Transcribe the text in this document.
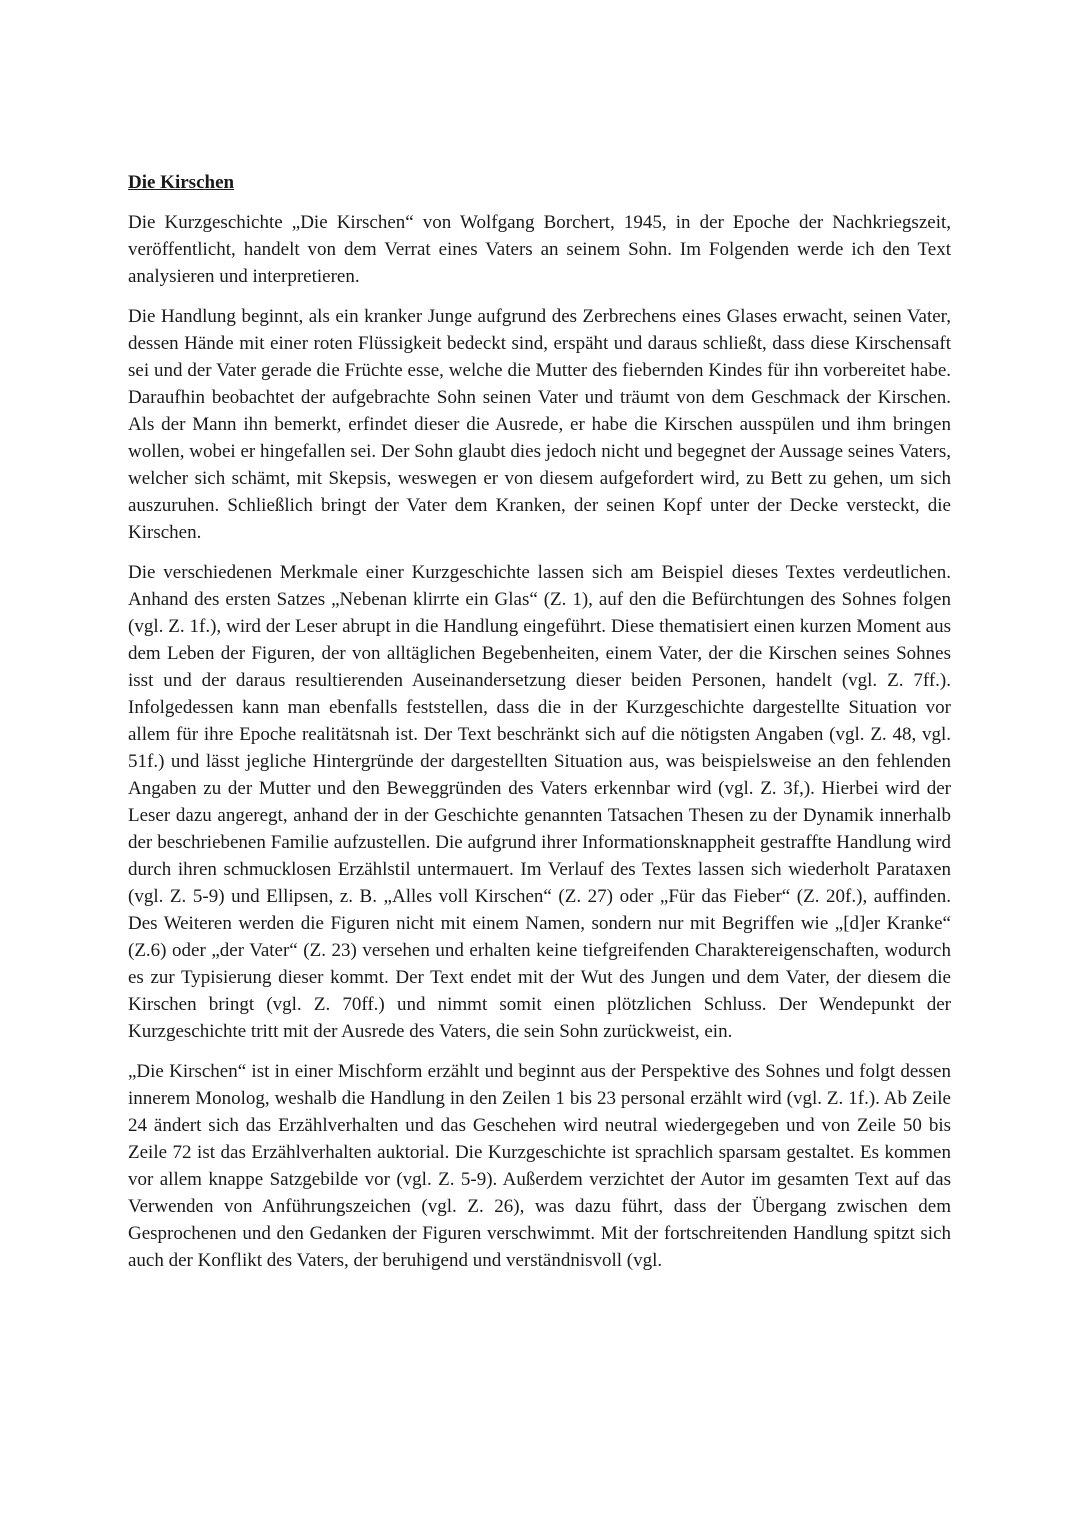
Die Kirschen

Die Kurzgeschichte „Die Kirschen“ von Wolfgang Borchert, 1945, in der Epoche der Nachkriegszeit, veröffentlicht, handelt von dem Verrat eines Vaters an seinem Sohn. Im Folgenden werde ich den Text analysieren und interpretieren.

Die Handlung beginnt, als ein kranker Junge aufgrund des Zerbrechens eines Glases erwacht, seinen Vater, dessen Hände mit einer roten Flüssigkeit bedeckt sind, erspäht und daraus schließt, dass diese Kirschensaft sei und der Vater gerade die Früchte esse, welche die Mutter des fiebernden Kindes für ihn vorbereitet habe. Daraufhin beobachtet der aufgebrachte Sohn seinen Vater und träumt von dem Geschmack der Kirschen. Als der Mann ihn bemerkt, erfindet dieser die Ausrede, er habe die Kirschen ausspülen und ihm bringen wollen, wobei er hingefallen sei. Der Sohn glaubt dies jedoch nicht und begegnet der Aussage seines Vaters, welcher sich schämt, mit Skepsis, weswegen er von diesem aufgefordert wird, zu Bett zu gehen, um sich auszuruhen. Schließlich bringt der Vater dem Kranken, der seinen Kopf unter der Decke versteckt, die Kirschen.

Die verschiedenen Merkmale einer Kurzgeschichte lassen sich am Beispiel dieses Textes verdeutlichen. Anhand des ersten Satzes „Nebenan klirrte ein Glas“ (Z. 1), auf den die Befürchtungen des Sohnes folgen (vgl. Z. 1f.), wird der Leser abrupt in die Handlung eingeführt. Diese thematisiert einen kurzen Moment aus dem Leben der Figuren, der von alltäglichen Begebenheiten, einem Vater, der die Kirschen seines Sohnes isst und der daraus resultierenden Auseinandersetzung dieser beiden Personen, handelt (vgl. Z. 7ff.). Infolgedessen kann man ebenfalls feststellen, dass die in der Kurzgeschichte dargestellte Situation vor allem für ihre Epoche realitätsnah ist. Der Text beschränkt sich auf die nötigsten Angaben (vgl. Z. 48, vgl. 51f.) und lässt jegliche Hintergründe der dargestellten Situation aus, was beispielsweise an den fehlenden Angaben zu der Mutter und den Beweggründen des Vaters erkennbar wird (vgl. Z. 3f,). Hierbei wird der Leser dazu angeregt, anhand der in der Geschichte genannten Tatsachen Thesen zu der Dynamik innerhalb der beschriebenen Familie aufzustellen. Die aufgrund ihrer Informationsknappheit gestraffte Handlung wird durch ihren schmucklosen Erzählstil untermauert. Im Verlauf des Textes lassen sich wiederholt Parataxen (vgl. Z. 5-9) und Ellipsen, z. B. „Alles voll Kirschen“ (Z. 27) oder „Für das Fieber“ (Z. 20f.), auffinden. Des Weiteren werden die Figuren nicht mit einem Namen, sondern nur mit Begriffen wie „[d]er Kranke“ (Z.6) oder „der Vater“ (Z. 23) versehen und erhalten keine tiefgreifenden Charaktereigenschaften, wodurch es zur Typisierung dieser kommt. Der Text endet mit der Wut des Jungen und dem Vater, der diesem die Kirschen bringt (vgl. Z. 70ff.) und nimmt somit einen plötzlichen Schluss. Der Wendepunkt der Kurzgeschichte tritt mit der Ausrede des Vaters, die sein Sohn zurückweist, ein.

„Die Kirschen“ ist in einer Mischform erzählt und beginnt aus der Perspektive des Sohnes und folgt dessen innerem Monolog, weshalb die Handlung in den Zeilen 1 bis 23 personal erzählt wird (vgl. Z. 1f.). Ab Zeile 24 ändert sich das Erzählverhalten und das Geschehen wird neutral wiedergegeben und von Zeile 50 bis Zeile 72 ist das Erzählverhalten auktorial. Die Kurzgeschichte ist sprachlich sparsam gestaltet. Es kommen vor allem knappe Satzgebilde vor (vgl. Z. 5-9). Außerdem verzichtet der Autor im gesamten Text auf das Verwenden von Anführungszeichen (vgl. Z. 26), was dazu führt, dass der Übergang zwischen dem Gesprochenen und den Gedanken der Figuren verschwimmt. Mit der fortschreitenden Handlung spitzt sich auch der Konflikt des Vaters, der beruhigend und verständnisvoll (vgl.
